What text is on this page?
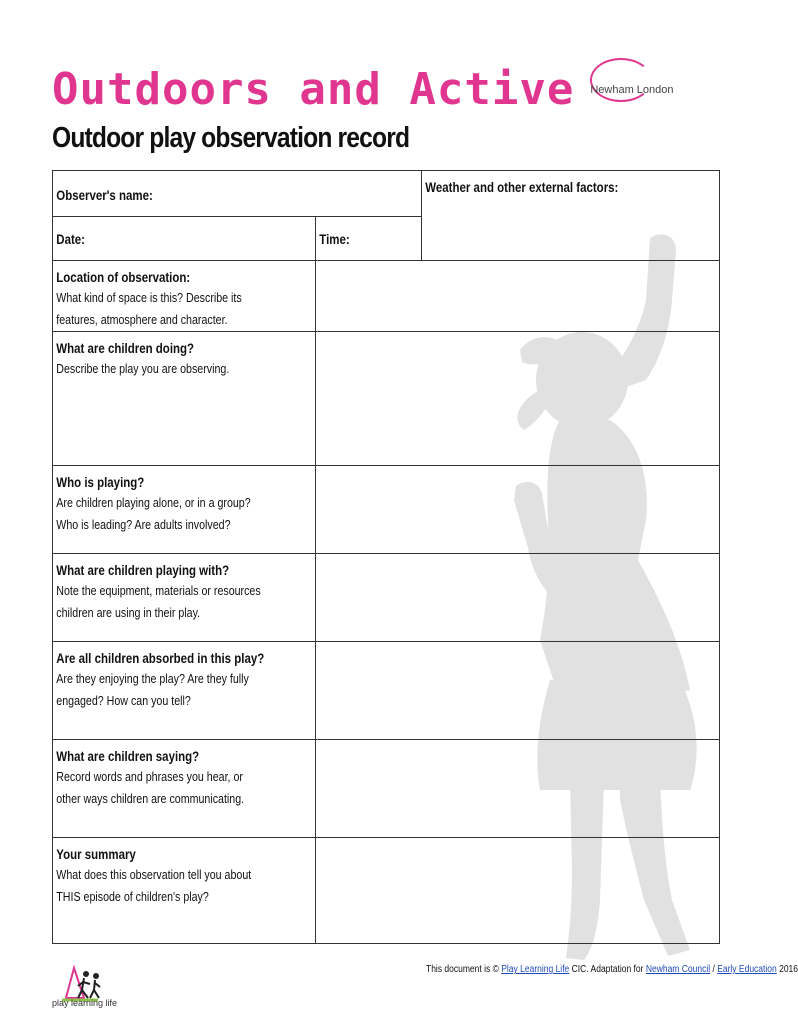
Outdoors and Active Newham London
Outdoor play observation record
Observer's name:		Weather and other external factors:

Date:	Time:	

Location of observation:
What kind of space is this? Describe its
features, atmosphere and character.		

What are children doing?
Describe the play you are observing.		

Who is playing?
Are children playing alone, or in a group?
Who is leading? Are adults involved?		

What are children playing with?
Note the equipment, materials or resources
children are using in their play.		

Are all children absorbed in this play?
Are they enjoying the play? Are they fully
engaged? How can you tell?		

What are children saying?
Record words and phrases you hear, or
other ways children are communicating.		

Your summary
What does this observation tell you about
THIS episode of children's play?		

play learning life
This document is © Play Learning Life CIC. Adaptation for Newham Council / Early Education 2016
